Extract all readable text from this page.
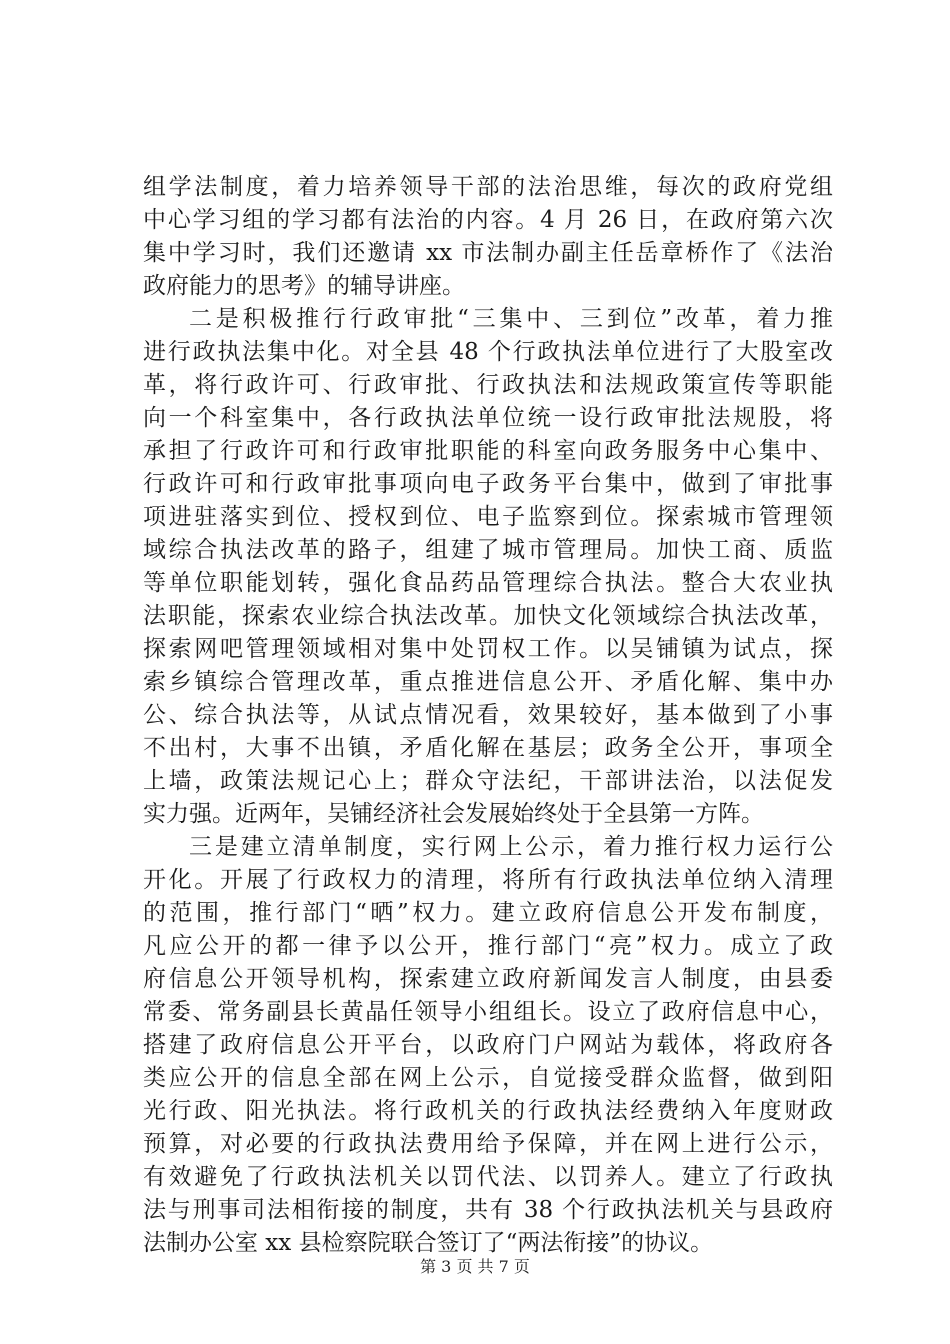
组学法制度，着力培养领导干部的法治思维，每次的政府党组
中心学习组的学习都有法治的内容。4 月 26 日，在政府第六次
集中学习时，我们还邀请 xx 市法制办副主任岳章桥作了《法治
政府能力的思考》的辅导讲座。
二是积极推行行政审批“三集中、三到位”改革，着力推
进行政执法集中化。对全县 48 个行政执法单位进行了大股室改
革，将行政许可、行政审批、行政执法和法规政策宣传等职能
向一个科室集中，各行政执法单位统一设行政审批法规股，将
承担了行政许可和行政审批职能的科室向政务服务中心集中、
行政许可和行政审批事项向电子政务平台集中，做到了审批事
项进驻落实到位、授权到位、电子监察到位。探索城市管理领
域综合执法改革的路子，组建了城市管理局。加快工商、质监
等单位职能划转，强化食品药品管理综合执法。整合大农业执
法职能，探索农业综合执法改革。加快文化领域综合执法改革，
探索网吧管理领域相对集中处罚权工作。以吴铺镇为试点，探
索乡镇综合管理改革，重点推进信息公开、矛盾化解、集中办
公、综合执法等，从试点情况看，效果较好，基本做到了小事
不出村，大事不出镇，矛盾化解在基层；政务全公开，事项全
上墙，政策法规记心上；群众守法纪，干部讲法治，以法促发
实力强。近两年，吴铺经济社会发展始终处于全县第一方阵。
三是建立清单制度，实行网上公示，着力推行权力运行公
开化。开展了行政权力的清理，将所有行政执法单位纳入清理
的范围，推行部门“晒”权力。建立政府信息公开发布制度，
凡应公开的都一律予以公开，推行部门“亮”权力。成立了政
府信息公开领导机构，探索建立政府新闻发言人制度，由县委
常委、常务副县长黄晶任领导小组组长。设立了政府信息中心，
搭建了政府信息公开平台，以政府门户网站为载体，将政府各
类应公开的信息全部在网上公示，自觉接受群众监督，做到阳
光行政、阳光执法。将行政机关的行政执法经费纳入年度财政
预算，对必要的行政执法费用给予保障，并在网上进行公示，
有效避免了行政执法机关以罚代法、以罚养人。建立了行政执
法与刑事司法相衔接的制度，共有 38 个行政执法机关与县政府
法制办公室 xx 县检察院联合签订了“两法衔接”的协议。
第 3 页 共 7 页
